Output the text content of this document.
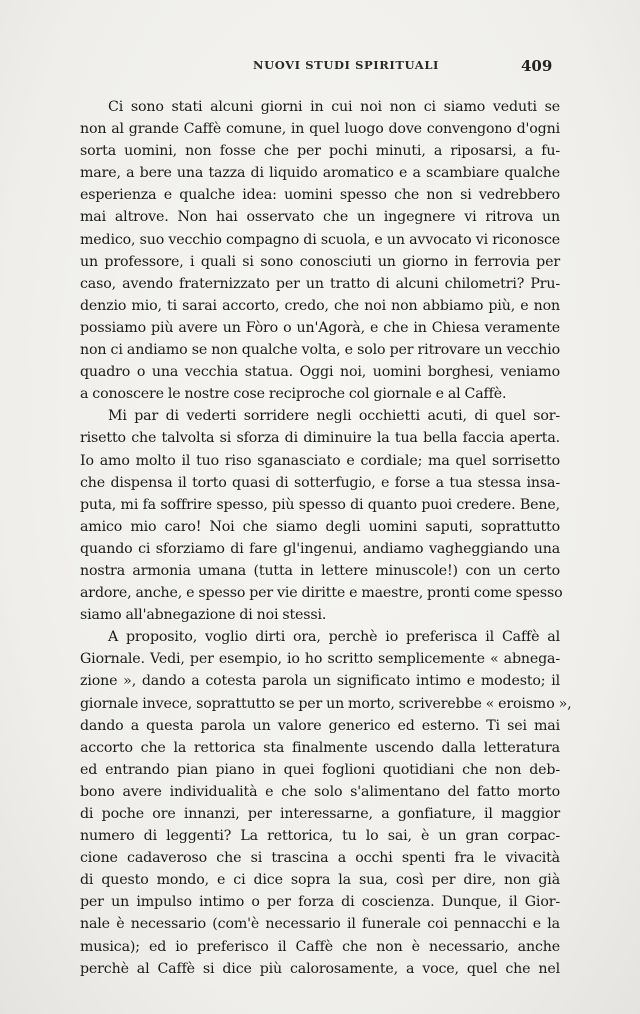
NUOVI STUDI SPIRITUALI	409

Ci sono stati alcuni giorni in cui noi non ci siamo veduti se
non al grande Caffè comune, in quel luogo dove convengono d'ogni
sorta uomini, non fosse che per pochi minuti, a riposarsi, a fu-
mare, a bere una tazza di liquido aromatico e a scambiare qualche
esperienza e qualche idea: uomini spesso che non si vedrebbero
mai altrove. Non hai osservato che un ingegnere vi ritrova un
medico, suo vecchio compagno di scuola, e un avvocato vi riconosce
un professore, i quali si sono conosciuti un giorno in ferrovia per
caso, avendo fraternizzato per un tratto di alcuni chilometri? Pru-
denzio mio, ti sarai accorto, credo, che noi non abbiamo più, e non
possiamo più avere un Fòro o un'Agorà, e che in Chiesa veramente
non ci andiamo se non qualche volta, e solo per ritrovare un vecchio
quadro o una vecchia statua. Oggi noi, uomini borghesi, veniamo
a conoscere le nostre cose reciproche col giornale e al Caffè.

Mi par di vederti sorridere negli occhietti acuti, di quel sor-
risetto che talvolta si sforza di diminuire la tua bella faccia aperta.
Io amo molto il tuo riso sganasciato e cordiale; ma quel sorrisetto
che dispensa il torto quasi di sotterfugio, e forse a tua stessa insa-
puta, mi fa soffrire spesso, più spesso di quanto puoi credere. Bene,
amico mio caro! Noi che siamo degli uomini saputi, soprattutto
quando ci sforziamo di fare gl'ingenui, andiamo vagheggiando una
nostra armonia umana (tutta in lettere minuscole!) con un certo
ardore, anche, e spesso per vie diritte e maestre, pronti come spesso
siamo all'abnegazione di noi stessi.

A proposito, voglio dirti ora, perchè io preferisca il Caffè al
Giornale. Vedi, per esempio, io ho scritto semplicemente « abnega-
zione », dando a cotesta parola un significato intimo e modesto; il
giornale invece, soprattutto se per un morto, scriverebbe « eroismo »,
dando a questa parola un valore generico ed esterno. Ti sei mai
accorto che la rettorica sta finalmente uscendo dalla letteratura
ed entrando pian piano in quei foglioni quotidiani che non deb-
bono avere individualità e che solo s'alimentano del fatto morto
di poche ore innanzi, per interessarne, a gonfiature, il maggior
numero di leggenti? La rettorica, tu lo sai, è un gran corpac-
cione cadaveroso che si trascina a occhi spenti fra le vivacità
di questo mondo, e ci dice sopra la sua, così per dire, non già
per un impulso intimo o per forza di coscienza. Dunque, il Gior-
nale è necessario (com'è necessario il funerale coi pennacchi e la
musica); ed io preferisco il Caffè che non è necessario, anche
perchè al Caffè si dice più calorosamente, a voce, quel che nel
